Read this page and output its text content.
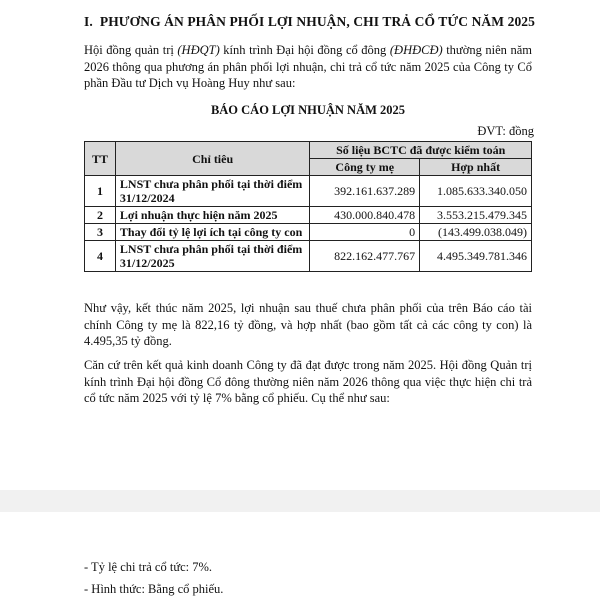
I. PHƯƠNG ÁN PHÂN PHỐI LỢI NHUẬN, CHI TRẢ CỔ TỨC NĂM 2025
Hội đồng quản trị (HĐQT) kính trình Đại hội đồng cổ đông (ĐHĐCĐ) thường niên năm 2026 thông qua phương án phân phối lợi nhuận, chi trả cổ tức năm 2025 của Công ty Cổ phần Đầu tư Dịch vụ Hoàng Huy như sau:
BÁO CÁO LỢI NHUẬN NĂM 2025
ĐVT: đồng
TT	Chỉ tiêu	Số liệu BCTC đã được kiểm toán	
		Công ty mẹ	Hợp nhất
1	LNST chưa phân phối tại thời điểm 31/12/2024	392.161.637.289	1.085.633.340.050
2	Lợi nhuận thực hiện năm 2025	430.000.840.478	3.553.215.479.345
3	Thay đổi tỷ lệ lợi ích tại công ty con	0	(143.499.038.049)
4	LNST chưa phân phối tại thời điểm 31/12/2025	822.162.477.767	4.495.349.781.346
Như vậy, kết thúc năm 2025, lợi nhuận sau thuế chưa phân phối của trên Báo cáo tài chính Công ty mẹ là 822,16 tỷ đồng, và hợp nhất (bao gồm tất cả các công ty con) là 4.495,35 tỷ đồng.
Căn cứ trên kết quả kinh doanh Công ty đã đạt được trong năm 2025. Hội đồng Quản trị kính trình Đại hội đồng Cổ đông thường niên năm 2026 thông qua việc thực hiện chi trả cổ tức năm 2025 với tỷ lệ 7% bằng cổ phiếu. Cụ thể như sau:
- Tỷ lệ chi trả cổ tức: 7%.
- Hình thức: Bằng cổ phiếu.
